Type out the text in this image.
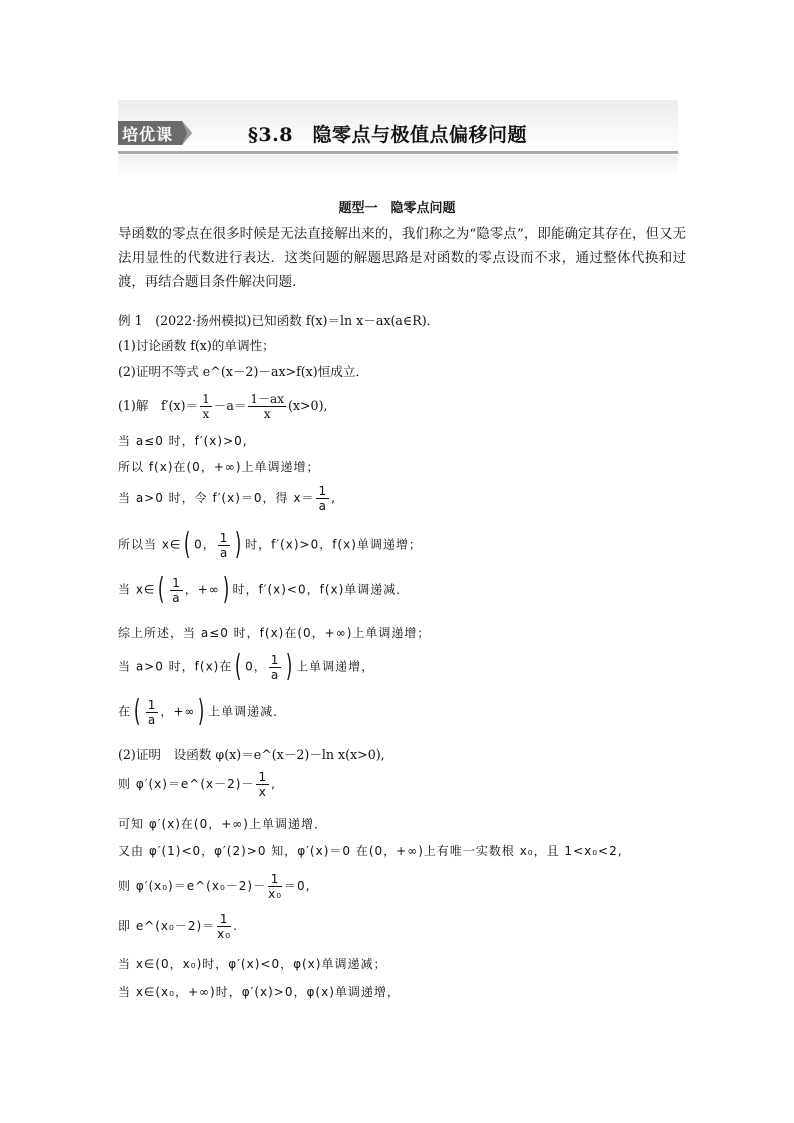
培优课	§3.8　隐零点与极值点偏移问题
题型一　隐零点问题
导函数的零点在很多时候是无法直接解出来的，我们称之为“隐零点”，即能确定其存在，但又无法用显性的代数进行表达．这类问题的解题思路是对函数的零点设而不求，通过整体代换和过渡，再结合题目条件解决问题．
例 1　(2022·扬州模拟)已知函数 f(x)＝ln x－ax(a∈R)．
(1)讨论函数 f(x)的单调性；
(2)证明不等式 e^(x－2)－ax>f(x)恒成立．
(1)解　$f'(x)= \frac{1}{x} -a= \frac{1-ax}{x} (x>0)$,
当 a≤0 时，f′(x)>0,
所以 f(x)在(0，+∞)上单调递增；
当 a>0 时，令 f′(x)＝0，得 $x= \frac{1}{a}$ ,
所以当 x∈( 0， $\frac{1}{a}$ ) 时，f′(x)>0，f(x)单调递增；
当 x∈( $\frac{1}{a}$ ，+∞) 时，f′(x)<0，f(x)单调递减．
综上所述，当 a≤0 时，f(x)在(0，+∞)上单调递增；
当 a>0 时，f(x)在( 0， $\frac{1}{a}$ ) 上单调递增，
在( $\frac{1}{a}$ ，+∞) 上单调递减．
(2)证明　设函数 φ(x)＝e^(x－2)－ln x(x>0),
则 φ′(x)＝e^(x－2)－ $\frac{1}{x}$ ,
可知 φ′(x)在(0，+∞)上单调递增．
又由 φ′(1)<0，φ′(2)>0 知，φ′(x)＝0 在(0，+∞)上有唯一实数根 x₀，且 1<x₀<2,
则 φ′(x₀)＝e^(x₀－2)－ $\frac{1}{\text{x₀}} =0$,
即 e^(x₀－2)＝ $\frac{1}{\text{x₀}}$ .
当 x∈(0，x₀)时，φ′(x)<0，φ(x)单调递减；
当 x∈(x₀，+∞)时，φ′(x)>0，φ(x)单调递增，
